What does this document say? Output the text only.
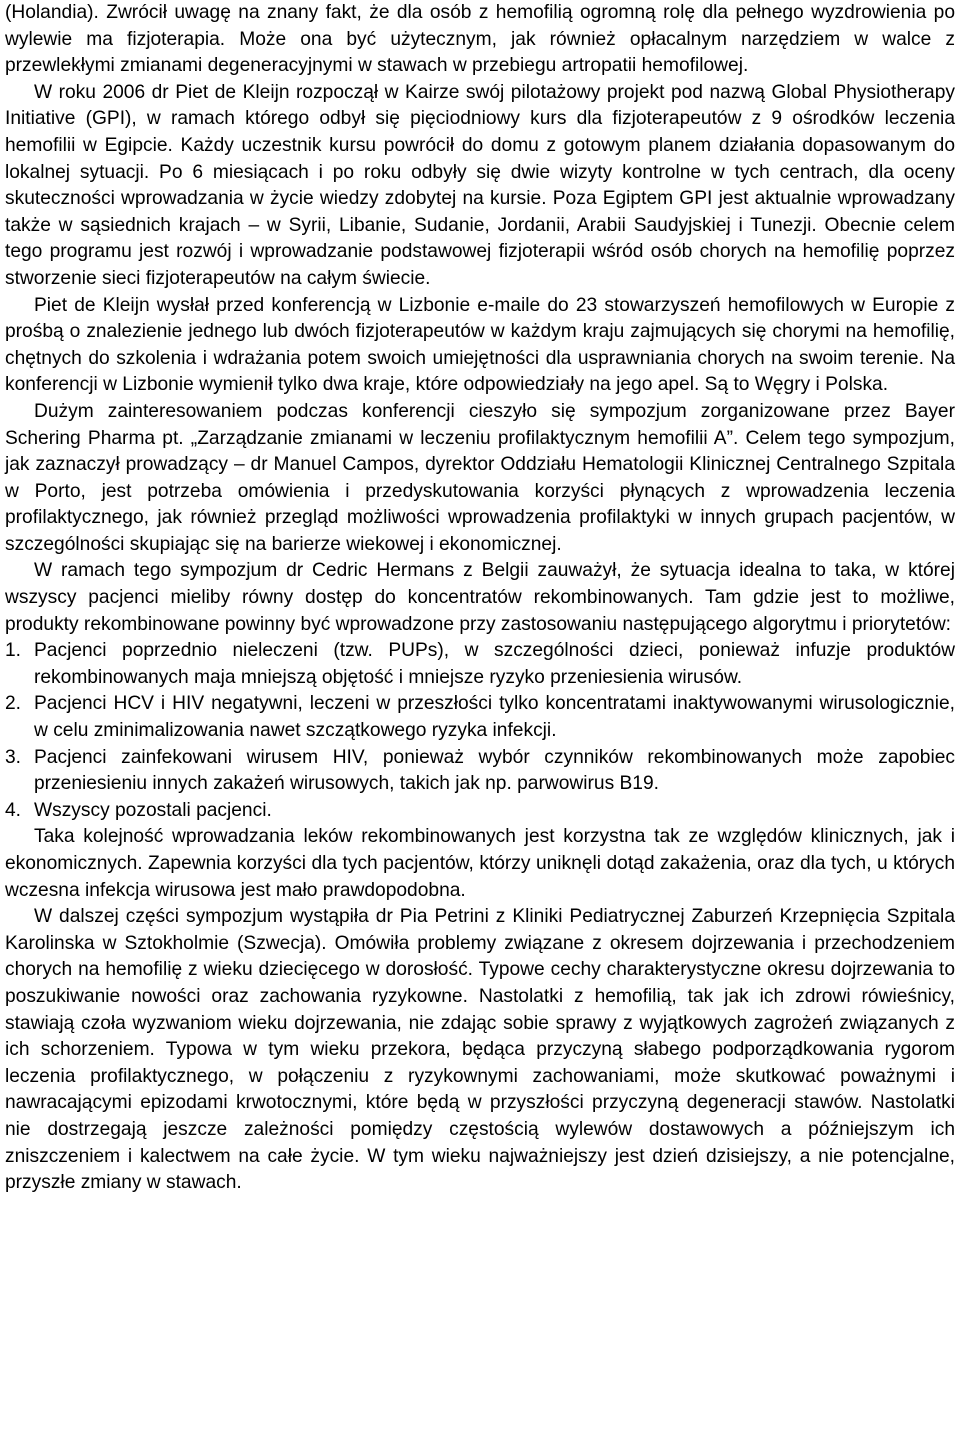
(Holandia). Zwrócił uwagę na znany fakt, że dla osób z hemofilią ogromną rolę dla pełnego wyzdrowienia po wylewie ma fizjoterapia. Może ona być użytecznym, jak również opłacalnym narzędziem w walce z przewlekłymi zmianami degeneracyjnymi w stawach w przebiegu artropatii hemofilowej.

W roku 2006 dr Piet de Kleijn rozpoczął w Kairze swój pilotażowy projekt pod nazwą Global Physiotherapy Initiative (GPI), w ramach którego odbył się pięciodniowy kurs dla fizjoterapeutów z 9 ośrodków leczenia hemofilii w Egipcie. Każdy uczestnik kursu powrócił do domu z gotowym planem działania dopasowanym do lokalnej sytuacji. Po 6 miesiącach i po roku odbyły się dwie wizyty kontrolne w tych centrach, dla oceny skuteczności wprowadzania w życie wiedzy zdobytej na kursie. Poza Egiptem GPI jest aktualnie wprowadzany także w sąsiednich krajach – w Syrii, Libanie, Sudanie, Jordanii, Arabii Saudyjskiej i Tunezji. Obecnie celem tego programu jest rozwój i wprowadzanie podstawowej fizjoterapii wśród osób chorych na hemofilię poprzez stworzenie sieci fizjoterapeutów na całym świecie.

Piet de Kleijn wysłał przed konferencją w Lizbonie e-maile do 23 stowarzyszeń hemofilowych w Europie z prośbą o znalezienie jednego lub dwóch fizjoterapeutów w każdym kraju zajmujących się chorymi na hemofilię, chętnych do szkolenia i wdrażania potem swoich umiejętności dla usprawniania chorych na swoim terenie. Na konferencji w Lizbonie wymienił tylko dwa kraje, które odpowiedziały na jego apel. Są to Węgry i Polska.

Dużym zainteresowaniem podczas konferencji cieszyło się sympozjum zorganizowane przez Bayer Schering Pharma pt. „Zarządzanie zmianami w leczeniu profilaktycznym hemofilii A”. Celem tego sympozjum, jak zaznaczył prowadzący – dr Manuel Campos, dyrektor Oddziału Hematologii Klinicznej Centralnego Szpitala w Porto, jest potrzeba omówienia i przedyskutowania korzyści płynących z wprowadzenia leczenia profilaktycznego, jak również przegląd możliwości wprowadzenia profilaktyki w innych grupach pacjentów, w szczególności skupiając się na barierze wiekowej i ekonomicznej.

W ramach tego sympozjum dr Cedric Hermans z Belgii zauważył, że sytuacja idealna to taka, w której wszyscy pacjenci mieliby równy dostęp do koncentratów rekombinowanych. Tam gdzie jest to możliwe, produkty rekombinowane powinny być wprowadzone przy zastosowaniu następującego algorytmu i priorytetów:

1. Pacjenci poprzednio nieleczeni (tzw. PUPs), w szczególności dzieci, ponieważ infuzje produktów rekombinowanych maja mniejszą objętość i mniejsze ryzyko przeniesienia wirusów.
2. Pacjenci HCV i HIV negatywni, leczeni w przeszłości tylko koncentratami inaktywowanymi wirusologicznie, w celu zminimalizowania nawet szczątkowego ryzyka infekcji.
3. Pacjenci zainfekowani wirusem HIV, ponieważ wybór czynników rekombinowanych może zapobiec przeniesieniu innych zakażeń wirusowych, takich jak np. parwowirus B19.
4. Wszyscy pozostali pacjenci.

Taka kolejność wprowadzania leków rekombinowanych jest korzystna tak ze względów klinicznych, jak i ekonomicznych. Zapewnia korzyści dla tych pacjentów, którzy uniknęli dotąd zakażenia, oraz dla tych, u których wczesna infekcja wirusowa jest mało prawdopodobna.

W dalszej części sympozjum wystąpiła dr Pia Petrini z Kliniki Pediatrycznej Zaburzeń Krzepnięcia Szpitala Karolinska w Sztokholmie (Szwecja). Omówiła problemy związane z okresem dojrzewania i przechodzeniem chorych na hemofilię z wieku dziecięcego w dorosłość. Typowe cechy charakterystyczne okresu dojrzewania to poszukiwanie nowości oraz zachowania ryzykowne. Nastolatki z hemofilią, tak jak ich zdrowi rówieśnicy, stawiają czoła wyzwaniom wieku dojrzewania, nie zdając sobie sprawy z wyjątkowych zagrożeń związanych z ich schorzeniem. Typowa w tym wieku przekora, będąca przyczyną słabego podporządkowania rygorom leczenia profilaktycznego, w połączeniu z ryzykownymi zachowaniami, może skutkować poważnymi i nawracającymi epizodami krwotocznymi, które będą w przyszłości przyczyną degeneracji stawów. Nastolatki nie dostrzegają jeszcze zależności pomiędzy częstością wylewów dostawowych a późniejszym ich zniszczeniem i kalectwem na całe życie. W tym wieku najważniejszy jest dzień dzisiejszy, a nie potencjalne, przyszłe zmiany w stawach.
